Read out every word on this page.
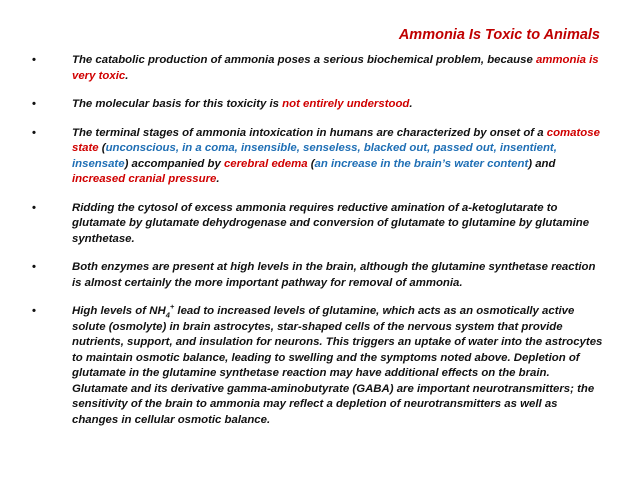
Ammonia Is Toxic to Animals
•	The catabolic production of ammonia poses a serious biochemical problem, because ammonia is very toxic.
•	The molecular basis for this toxicity is not entirely understood.
•	The terminal stages of ammonia intoxication in humans are characterized by onset of a comatose state (unconscious, in a coma, insensible, senseless, blacked out, passed out, insentient, insensate) accompanied by cerebral edema (an increase in the brain’s water content) and increased cranial pressure.
•	Ridding the cytosol of excess ammonia requires reductive amination of a-ketoglutarate to glutamate by glutamate dehydrogenase and conversion of glutamate to glutamine by glutamine synthetase.
•	Both enzymes are present at high levels in the brain, although the glutamine synthetase reaction is almost certainly the more important pathway for removal of ammonia.
•	High levels of $NH_4^+$ lead to increased levels of glutamine, which acts as an osmotically active solute (osmolyte) in brain astrocytes, star-shaped cells of the nervous system that provide nutrients, support, and insulation for neurons. This triggers an uptake of water into the astrocytes to maintain osmotic balance, leading to swelling and the symptoms noted above. Depletion of glutamate in the glutamine synthetase reaction may have additional effects on the brain. Glutamate and its derivative gamma-aminobutyrate (GABA) are important neurotransmitters; the sensitivity of the brain to ammonia may reflect a depletion of neurotransmitters as well as changes in cellular osmotic balance.
